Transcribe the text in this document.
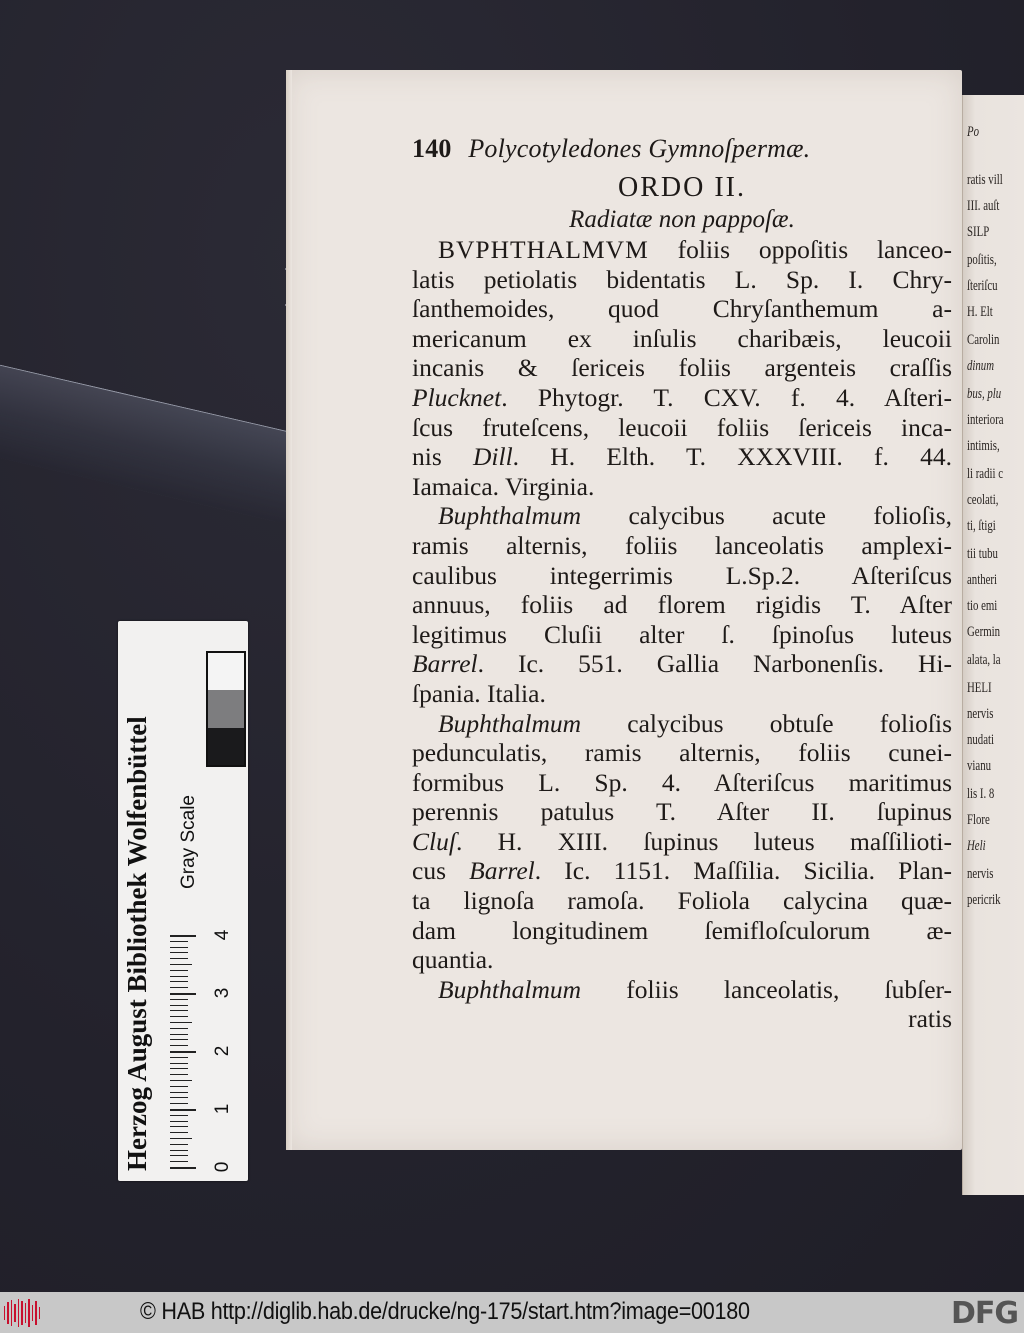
Po
ratis vill
III. auſt
SILP
poſitis,
ſteriſcu
H. Elt
Carolin
dinum
bus, plu
interiora
intimis,
li radii c
ceolati,
ti, ſtigi
tii tubu
antheri
tio emi
Germin
alata, la
HELI
nervis
nudati
vianu
lis I. 8
Flore
Heli
nervis
pericrik
140 Polycotyledones Gymnoſpermæ.
ORDO II.
Radiatæ non pappoſæ.
BVPHTHALMVM foliis oppoſitis lanceo-
latis petiolatis bidentatis L. Sp. I. Chry-
ſanthemoides, quod Chryſanthemum a-
mericanum ex inſulis charibæis, leucoii
incanis & ſericeis foliis argenteis craſſis
Plucknet. Phytogr. T. CXV. f. 4. Aſteri-
ſcus fruteſcens, leucoii foliis ſericeis inca-
nis Dill. H. Elth. T. XXXVIII. f. 44.
Iamaica. Virginia.
Buphthalmum calycibus acute folioſis,
ramis alternis, foliis lanceolatis amplexi-
caulibus integerrimis L.Sp.2. Aſteriſcus
annuus, foliis ad florem rigidis T. Aſter
legitimus Cluſii alter ſ. ſpinoſus luteus
Barrel. Ic. 551. Gallia Narbonenſis. Hi-
ſpania. Italia.
Buphthalmum calycibus obtuſe folioſis
pedunculatis, ramis alternis, foliis cunei-
formibus L. Sp. 4. Aſteriſcus maritimus
perennis patulus T. Aſter II. ſupinus
Cluſ. H. XIII. ſupinus luteus maſſilioti-
cus Barrel. Ic. 1151. Maſſilia. Sicilia. Plan-
ta lignoſa ramoſa. Foliola calycina quæ-
dam longitudinem ſemifloſculorum æ-
quantia.
Buphthalmum foliis lanceolatis, ſubſer-
ratis
Herzog August Bibliothek Wolfenbüttel Gray Scale
0
1
2
3
4
© HAB http://diglib.hab.de/drucke/ng-175/start.htm?image=00180	DFG
